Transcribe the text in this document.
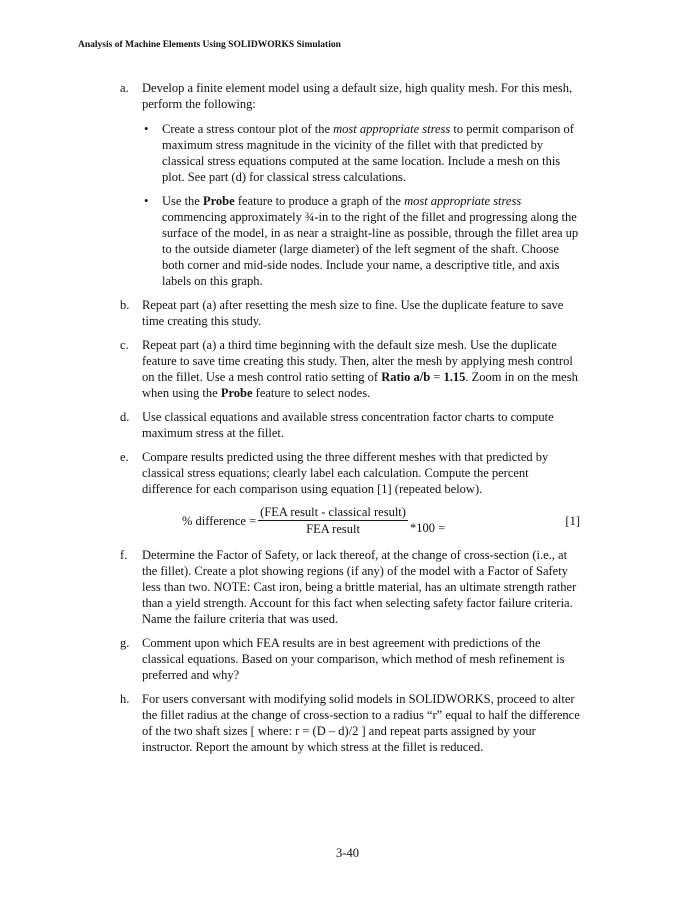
Analysis of Machine Elements Using SOLIDWORKS Simulation
a. Develop a finite element model using a default size, high quality mesh. For this mesh, perform the following:
• Create a stress contour plot of the most appropriate stress to permit comparison of maximum stress magnitude in the vicinity of the fillet with that predicted by classical stress equations computed at the same location. Include a mesh on this plot. See part (d) for classical stress calculations.
• Use the Probe feature to produce a graph of the most appropriate stress commencing approximately ¾-in to the right of the fillet and progressing along the surface of the model, in as near a straight-line as possible, through the fillet area up to the outside diameter (large diameter) of the left segment of the shaft. Choose both corner and mid-side nodes. Include your name, a descriptive title, and axis labels on this graph.
b. Repeat part (a) after resetting the mesh size to fine. Use the duplicate feature to save time creating this study.
c. Repeat part (a) a third time beginning with the default size mesh. Use the duplicate feature to save time creating this study. Then, alter the mesh by applying mesh control on the fillet. Use a mesh control ratio setting of Ratio a/b = 1.15. Zoom in on the mesh when using the Probe feature to select nodes.
d. Use classical equations and available stress concentration factor charts to compute maximum stress at the fillet.
e. Compare results predicted using the three different meshes with that predicted by classical stress equations; clearly label each calculation. Compute the percent difference for each comparison using equation [1] (repeated below).
% difference = $\frac{\text{(FEA result - classical result)}}{\text{FEA result}} *100$ =	[1]
f. Determine the Factor of Safety, or lack thereof, at the change of cross-section (i.e., at the fillet). Create a plot showing regions (if any) of the model with a Factor of Safety less than two. NOTE: Cast iron, being a brittle material, has an ultimate strength rather than a yield strength. Account for this fact when selecting safety factor failure criteria. Name the failure criteria that was used.
g. Comment upon which FEA results are in best agreement with predictions of the classical equations. Based on your comparison, which method of mesh refinement is preferred and why?
h. For users conversant with modifying solid models in SOLIDWORKS, proceed to alter the fillet radius at the change of cross-section to a radius “r” equal to half the difference of the two shaft sizes [ where: r = (D – d)/2 ] and repeat parts assigned by your instructor. Report the amount by which stress at the fillet is reduced.
3-40
